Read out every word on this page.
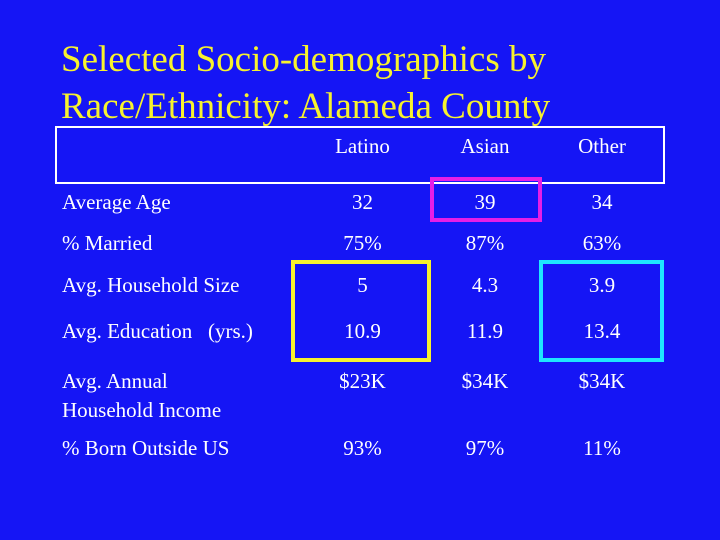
Selected Socio-demographics by
Race/Ethnicity: Alameda County
Latino	Asian	Other
Average Age	32	39	34
% Married	75%	87%	63%
Avg. Household Size	5	4.3	3.9
Avg. Education   (yrs.)	10.9	11.9	13.4
Avg. Annual
Household Income
$23K	$34K	$34K
% Born Outside US	93%	97%	11%
